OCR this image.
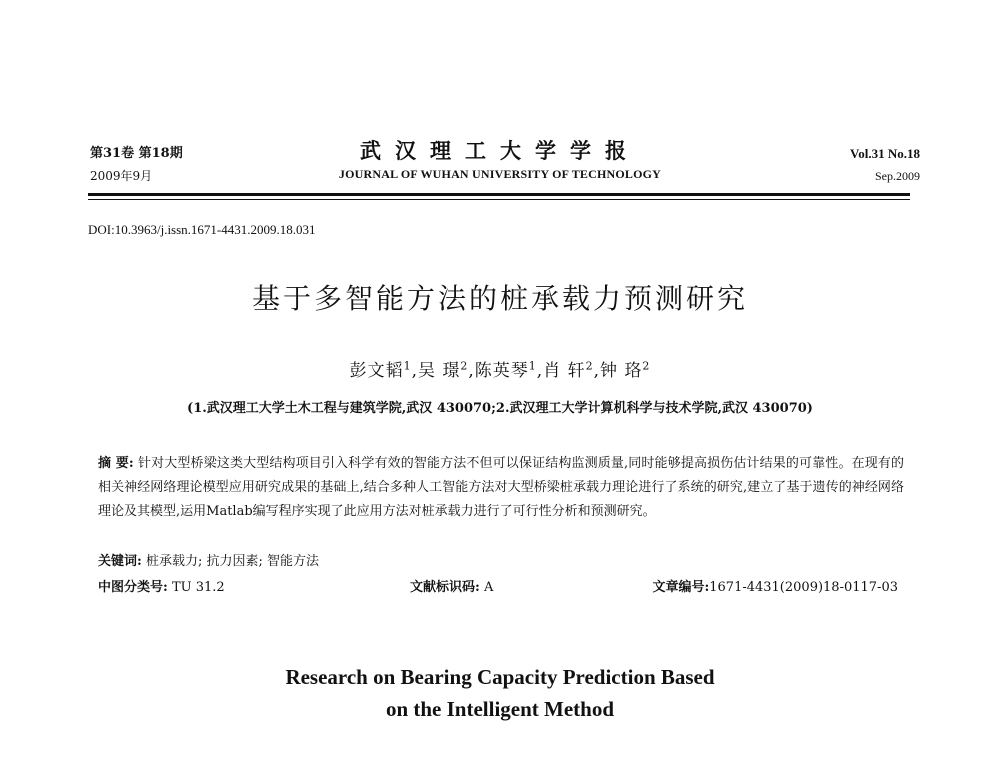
第31卷 第18期
2009年9月
武汉理工大学学报
JOURNAL OF WUHAN UNIVERSITY OF TECHNOLOGY
Vol.31 No.18
Sep.2009
DOI:10.3963/j.issn.1671-4431.2009.18.031
基于多智能方法的桩承载力预测研究
彭文韬$^1$,吴 璟$^2$,陈英琴$^1$,肖 轩$^2$,钟 珞$^2$
(1.武汉理工大学土木工程与建筑学院,武汉 430070;2.武汉理工大学计算机科学与技术学院,武汉 430070)
摘 要: 针对大型桥梁这类大型结构项目引入科学有效的智能方法不但可以保证结构监测质量,同时能够提高损伤估计结果的可靠性。在现有的相关神经网络理论模型应用研究成果的基础上,结合多种人工智能方法对大型桥梁桩承载力理论进行了系统的研究,建立了基于遗传的神经网络理论及其模型,运用Matlab编写程序实现了此应用方法对桩承载力进行了可行性分析和预测研究。
关键词: 桩承载力; 抗力因素; 智能方法
中图分类号: TU 31.2	文献标识码: A	文章编号:1671-4431(2009)18-0117-03
Research on Bearing Capacity Prediction Based
on the Intelligent Method
